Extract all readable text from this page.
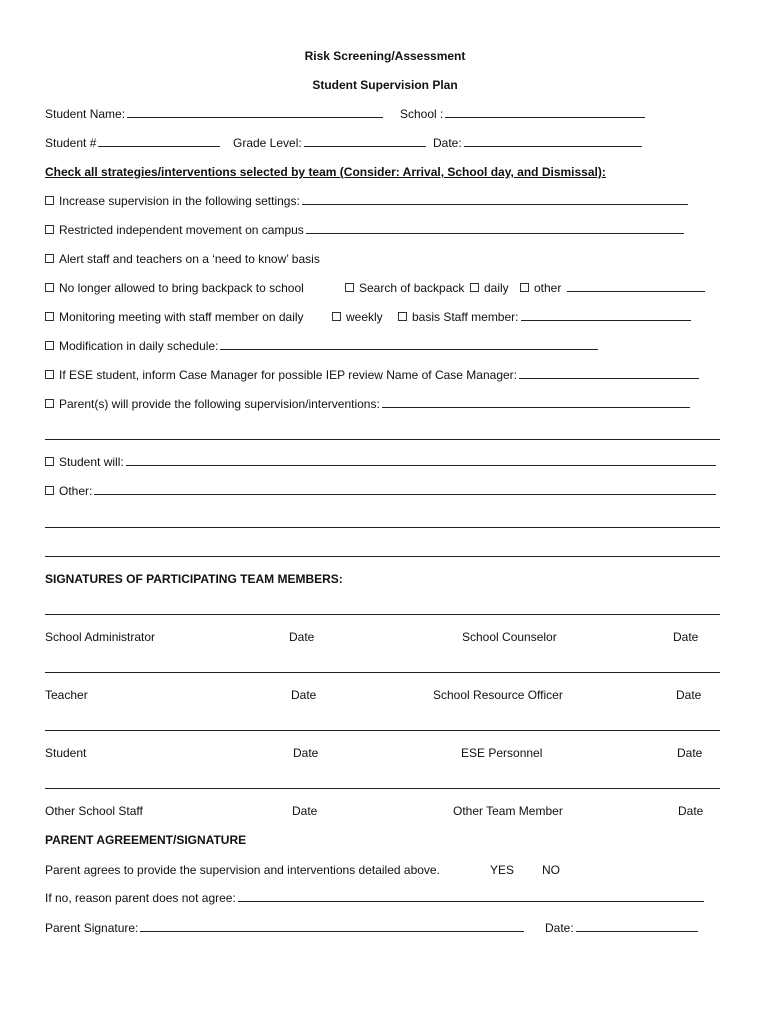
Risk Screening/Assessment
Student Supervision Plan
Student Name:	School :
Student #	Grade Level:	Date:
Check all strategies/interventions selected by team (Consider: Arrival, School day, and Dismissal):
Increase supervision in the following settings:
Restricted independent movement on campus
Alert staff and teachers on a ‘need to know’ basis
No longer allowed to bring backpack to school	Search of backpack	daily	other
Monitoring meeting with staff member on daily	weekly	basis Staff member:
Modification in daily schedule:
If ESE student, inform Case Manager for possible IEP review Name of Case Manager:
Parent(s) will provide the following supervision/interventions:
Student will:
Other:
SIGNATURES OF PARTICIPATING TEAM MEMBERS:
School Administrator	Date	School Counselor	Date
Teacher	Date	School Resource Officer	Date
Student	Date	ESE Personnel	Date
Other School Staff	Date	Other Team Member	Date
PARENT AGREEMENT/SIGNATURE
Parent agrees to provide the supervision and interventions detailed above.	YES NO
If no, reason parent does not agree:
Parent Signature:	Date:
